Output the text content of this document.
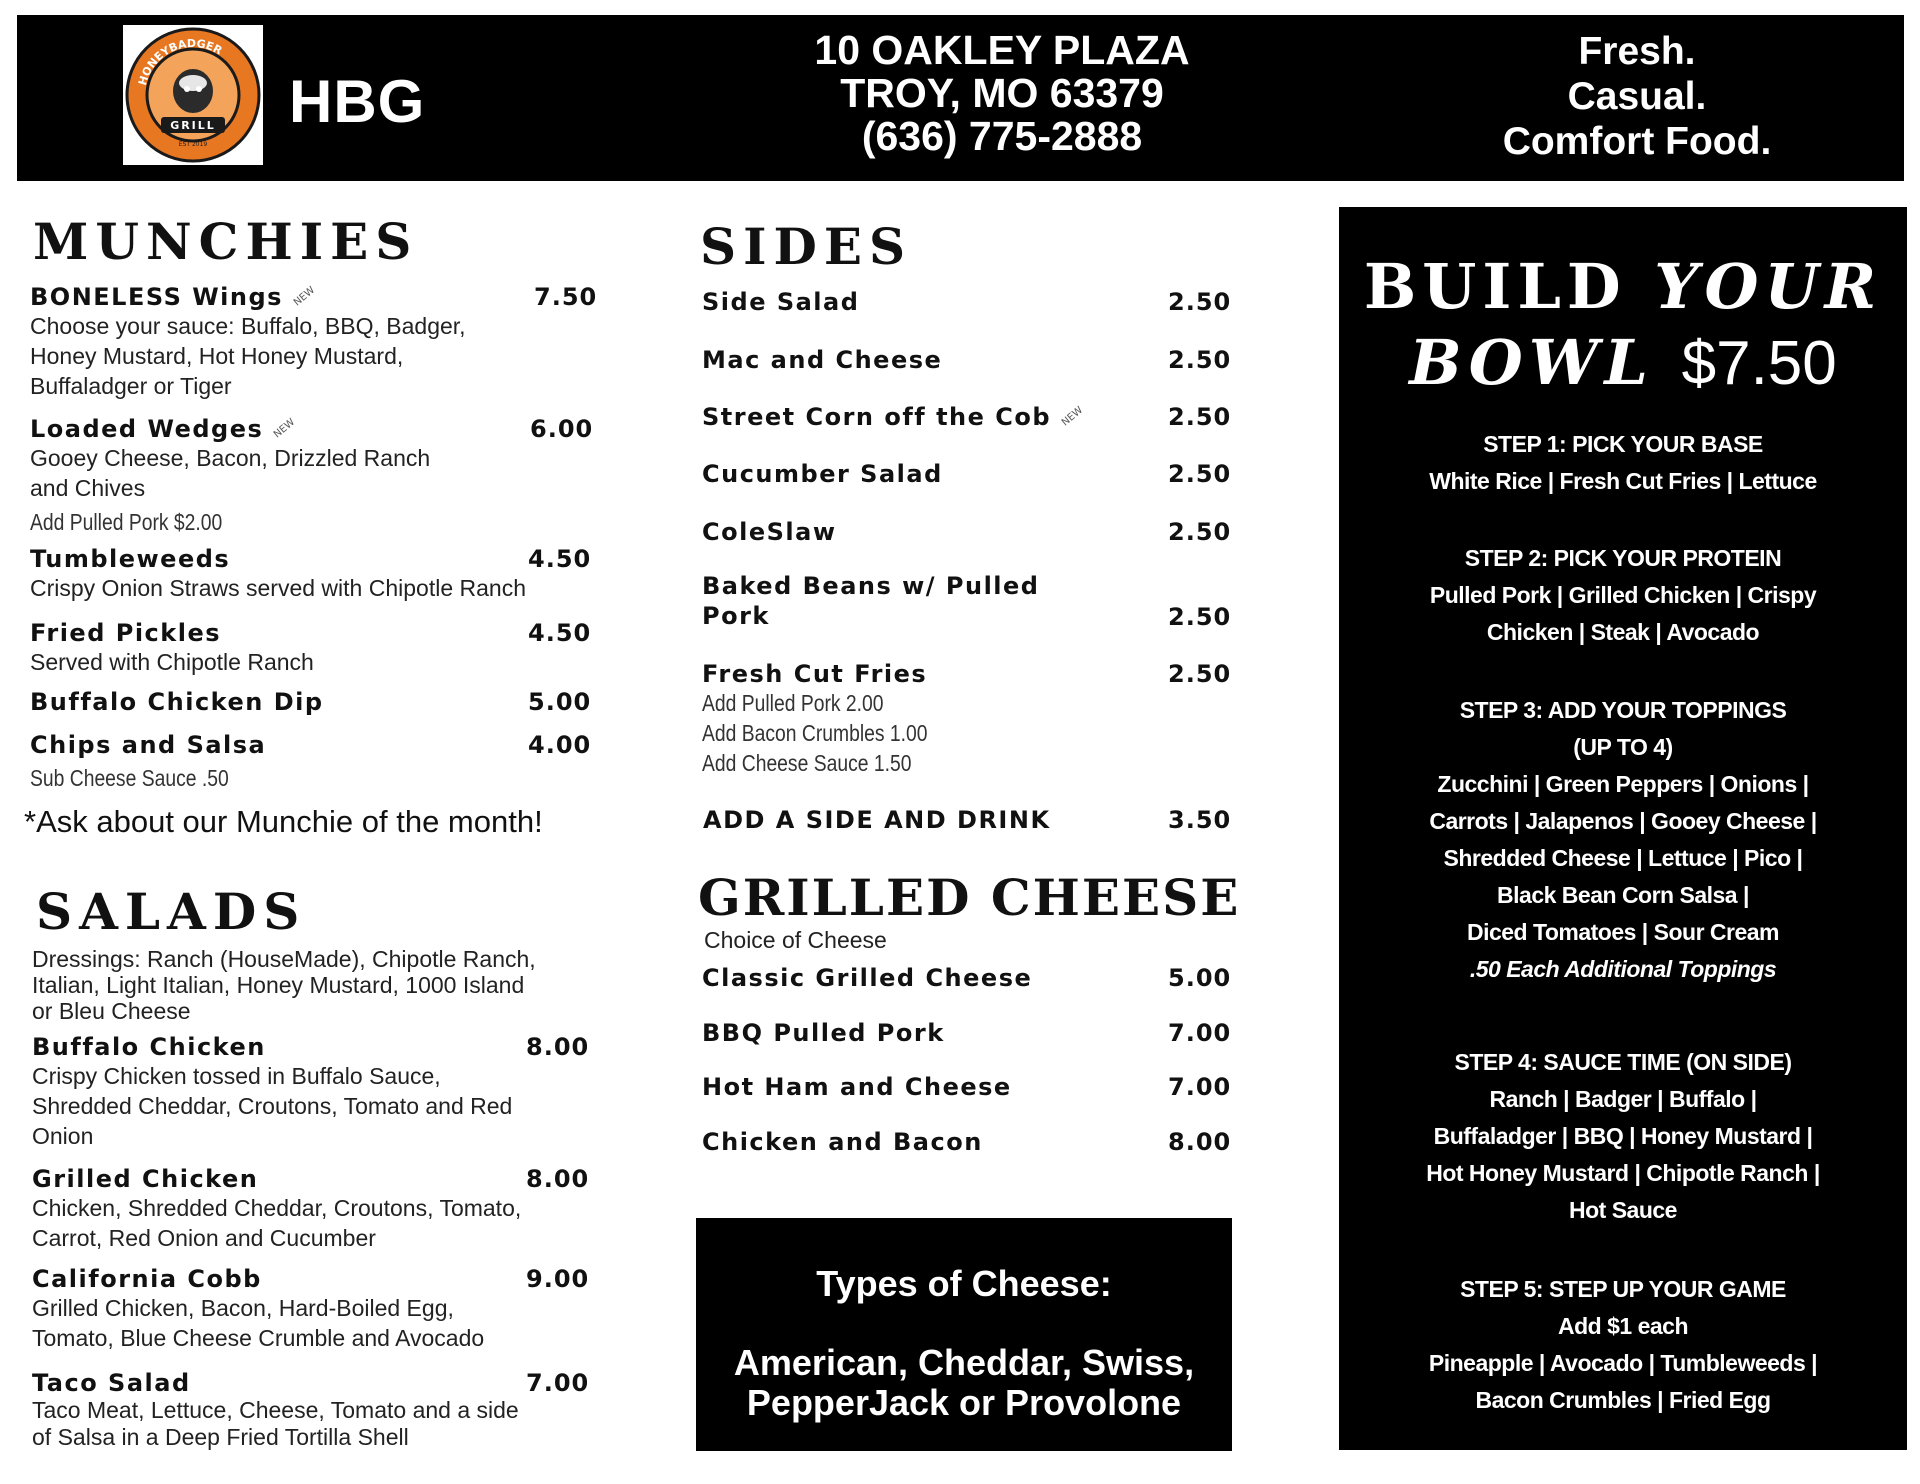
HONEYBADGER
GRILL
EST 2019
HBG
10 OAKLEY PLAZA
TROY, MO 63379
(636) 775-2888
Fresh.
Casual.
Comfort Food.
MUNCHIES
BONELESS Wings NEW	7.50
Choose your sauce: Buffalo, BBQ, Badger,
Honey Mustard, Hot Honey Mustard,
Buffaladger or Tiger
Loaded Wedges NEW	6.00
Gooey Cheese, Bacon, Drizzled Ranch
and Chives
Add Pulled Pork $2.00
Tumbleweeds	4.50
Crispy Onion Straws served with Chipotle Ranch
Fried Pickles	4.50
Served with Chipotle Ranch
Buffalo Chicken Dip	5.00
Chips and Salsa	4.00
Sub Cheese Sauce .50
*Ask about our Munchie of the month!
SALADS
Dressings: Ranch (HouseMade), Chipotle Ranch,
Italian, Light Italian, Honey Mustard, 1000 Island
or Bleu Cheese
Buffalo Chicken	8.00
Crispy Chicken tossed in Buffalo Sauce,
Shredded Cheddar, Croutons, Tomato and Red
Onion
Grilled Chicken	8.00
Chicken, Shredded Cheddar, Croutons, Tomato,
Carrot, Red Onion and Cucumber
California Cobb	9.00
Grilled Chicken, Bacon, Hard-Boiled Egg,
Tomato, Blue Cheese Crumble and Avocado
Taco Salad	7.00
Taco Meat, Lettuce, Cheese, Tomato and a side
of Salsa in a Deep Fried Tortilla Shell
SIDES
Side Salad	2.50
Mac and Cheese	2.50
Street Corn off the Cob NEW	2.50
Cucumber Salad	2.50
ColeSlaw	2.50
Baked Beans w/ Pulled
Pork	2.50
Fresh Cut Fries	2.50
Add Pulled Pork 2.00
Add Bacon Crumbles 1.00
Add Cheese Sauce 1.50
ADD A SIDE AND DRINK	3.50
GRILLED CHEESE
Choice of Cheese
Classic Grilled Cheese	5.00
BBQ Pulled Pork	7.00
Hot Ham and Cheese	7.00
Chicken and Bacon	8.00
Types of Cheese:
American, Cheddar, Swiss,
PepperJack or Provolone
BUILD YOUR
BOWL $7.50
STEP 1: PICK YOUR BASE
White Rice | Fresh Cut Fries | Lettuce
STEP 2: PICK YOUR PROTEIN
Pulled Pork | Grilled Chicken | Crispy
Chicken | Steak | Avocado
STEP 3: ADD YOUR TOPPINGS
(UP TO 4)
Zucchini | Green Peppers | Onions |
Carrots | Jalapenos | Gooey Cheese |
Shredded Cheese | Lettuce | Pico |
Black Bean Corn Salsa |
Diced Tomatoes | Sour Cream
.50 Each Additional Toppings
STEP 4: SAUCE TIME (ON SIDE)
Ranch | Badger | Buffalo |
Buffaladger | BBQ | Honey Mustard |
Hot Honey Mustard | Chipotle Ranch |
Hot Sauce
STEP 5: STEP UP YOUR GAME
Add $1 each
Pineapple | Avocado | Tumbleweeds |
Bacon Crumbles | Fried Egg
